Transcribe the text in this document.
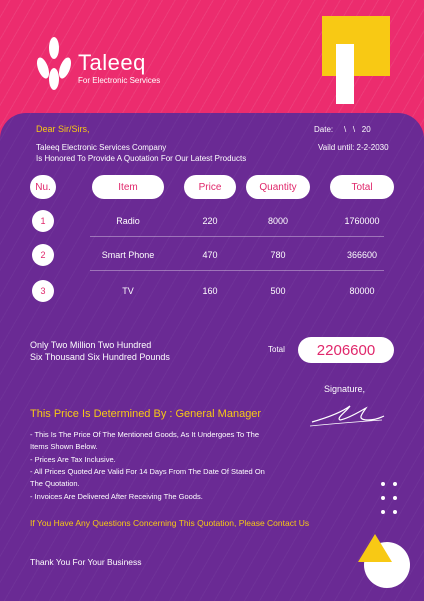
Taleeq
For Electronic Services
Dear Sir/Sirs,	Date: \   \   20
Taleeq Electronic Services Company
Is Honored To Provide A Quotation For Our Latest Products
Vaild until: 2-2-2030
Nu.	Item	Price	Quantity	Total
1	Radio	220	8000	1760000
2	Smart Phone	470	780	366600
3	TV	160	500	80000
Only Two Million Two Hundred
Six Thousand Six Hundred Pounds
Total	2206600
Signature,
This Price Is Determined By : General Manager
- This Is The Price Of The Mentioned Goods, As It Undergoes To The
Items Shown Below.
- Prices Are Tax Inclusive.
- All Prices Quoted Are Valid For 14 Days From The Date Of Stated On
The Quotation.
- Invoices Are Delivered After Receiving The Goods.
If You Have Any Questions Concerning This Quotation, Please Contact Us
Thank You For Your Business
